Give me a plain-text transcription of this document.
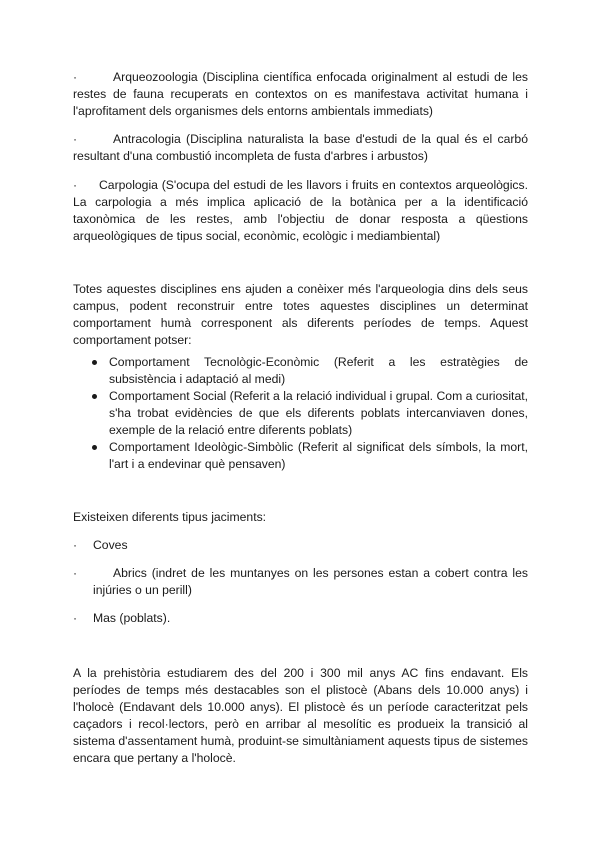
·	Arqueozoologia (Disciplina científica enfocada originalment al estudi de les restes de fauna recuperats en contextos on es manifestava activitat humana i l'aprofitament dels organismes dels entorns ambientals immediats)

·	Antracologia (Disciplina naturalista la base d'estudi de la qual és el carbó resultant d'una combustió incompleta de fusta d'arbres i arbustos)

·	Carpologia (S'ocupa del estudi de les llavors i fruits en contextos arqueològics. La carpologia a més implica aplicació de la botànica per a la identificació taxonòmica de les restes, amb l'objectiu de donar resposta a qüestions arqueològiques de tipus social, econòmic, ecològic i mediambiental)

Totes aquestes disciplines ens ajuden a conèixer més l'arqueologia dins dels seus campus, podent reconstruir entre totes aquestes disciplines un determinat comportament humà corresponent als diferents períodes de temps. Aquest comportament potser:

Comportament Tecnològic-Econòmic (Referit a les estratègies de subsistència i adaptació al medi)
Comportament Social (Referit a la relació individual i grupal. Com a curiositat, s'ha trobat evidències de que els diferents poblats intercanviaven dones, exemple de la relació entre diferents poblats)
Comportament Ideològic-Simbòlic (Referit al significat dels símbols, la mort, l'art i a endevinar què pensaven)

Existeixen diferents tipus jaciments:

·	Coves

·	Abrics (indret de les muntanyes on les persones estan a cobert contra les injúries o un perill)

·	Mas (poblats).

A la prehistòria estudiarem des del 200 i 300 mil anys AC fins endavant. Els períodes de temps més destacables son el plistocè (Abans dels 10.000 anys) i l'holocè (Endavant dels 10.000 anys). El plistocè és un període caracteritzat pels caçadors i recol·lectors, però en arribar al mesolític es produeix la transició al sistema d'assentament humà, produint-se simultàniament aquests tipus de sistemes encara que pertany a l'holocè.
